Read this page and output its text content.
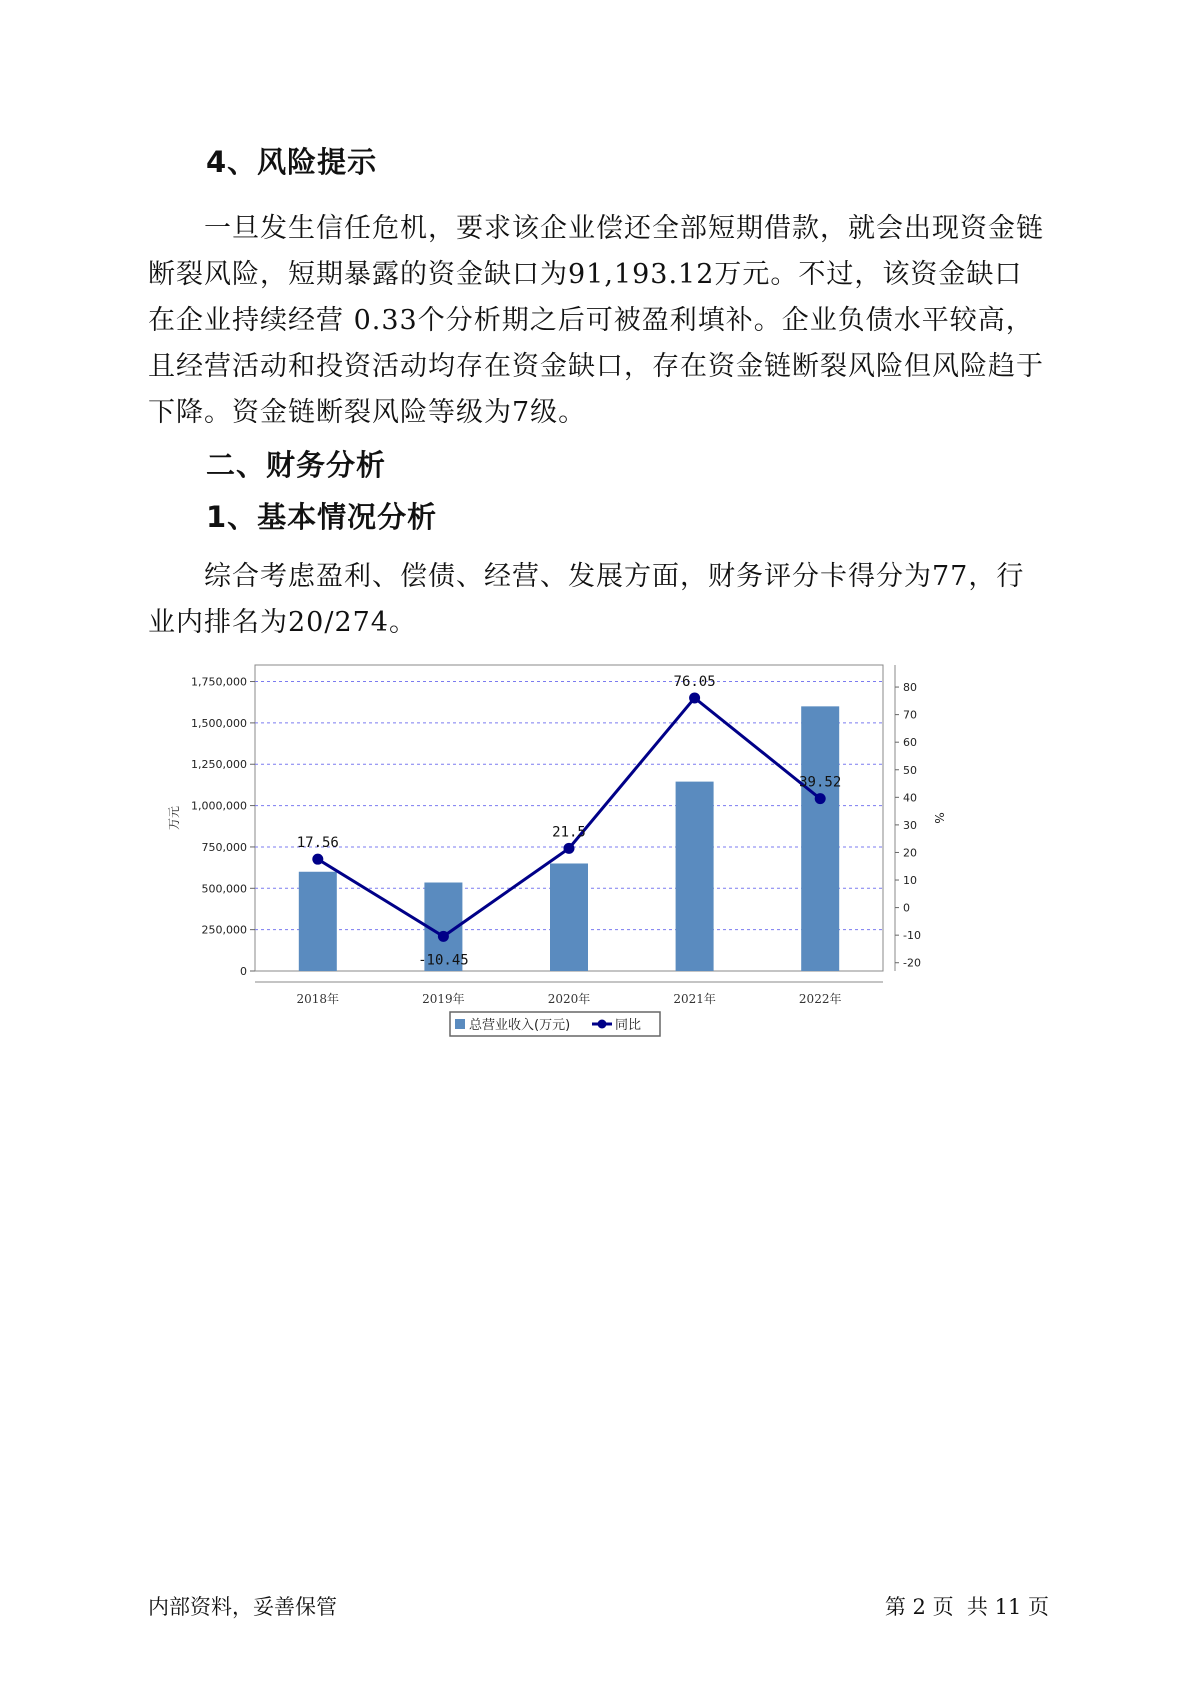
4、风险提示

一旦发生信任危机，要求该企业偿还全部短期借款，就会出现资金链断裂风险，短期暴露的资金缺口为91,193.12万元。不过，该资金缺口在企业持续经营 0.33个分析期之后可被盈利填补。企业负债水平较高，且经营活动和投资活动均存在资金缺口，存在资金链断裂风险但风险趋于下降。资金链断裂风险等级为7级。

二、财务分析
1、基本情况分析

综合考虑盈利、偿债、经营、发展方面，财务评分卡得分为77，行业内排名为20/274。

0
250,000
500,000
750,000
1,000,000
1,250,000
1,500,000
1,750,000
-20
-10
0
10
20
30
40
50
60
70
80
万元	%
2018年	2019年	2020年	2021年	2022年
17.56
-10.45
21.5
76.05
39.52
总营业收入(万元)	同比
内部资料，妥善保管	第 2 页  共 11 页
